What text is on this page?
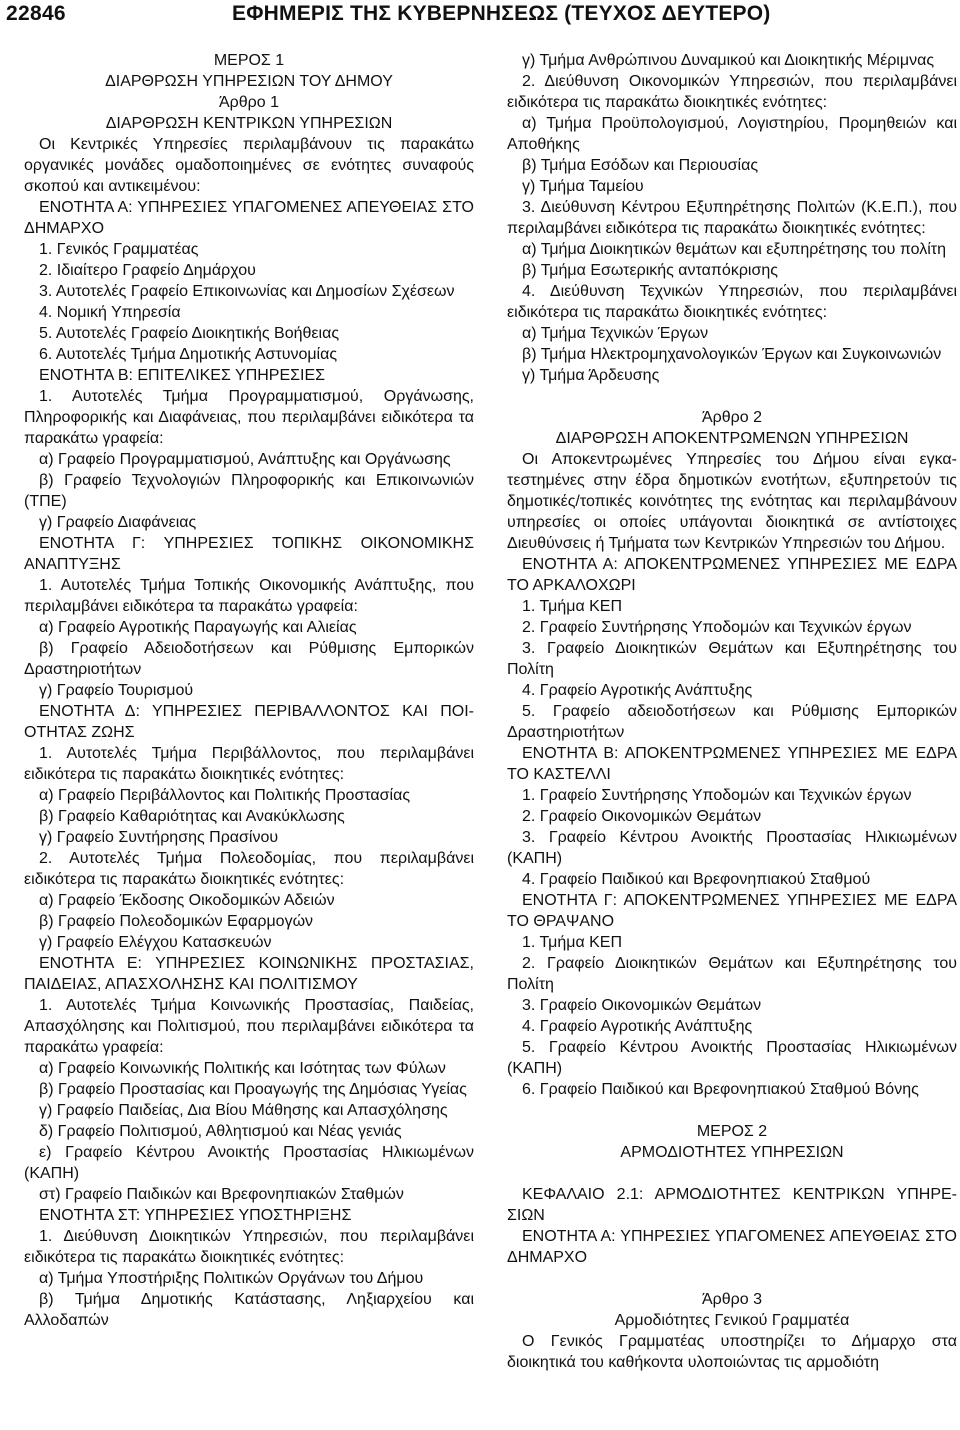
22846	ΕΦΗΜΕΡΙΣ ΤΗΣ ΚΥΒΕΡΝΗΣΕΩΣ (ΤΕΥΧΟΣ ΔΕΥΤΕΡΟ)
ΜΕΡΟΣ 1
ΔΙΑΡΘΡΩΣΗ ΥΠΗΡΕΣΙΩΝ ΤΟΥ ΔΗΜΟΥ
Άρθρο 1
ΔΙΑΡΘΡΩΣΗ ΚΕΝΤΡΙΚΩΝ ΥΠΗΡΕΣΙΩΝ
Οι Κεντρικές Υπηρεσίες περιλαμβάνουν τις παρακάτω οργανικές μονάδες ομαδοποιημένες σε ενότητες συναφούς σκοπού και αντικειμένου:
ΕΝΟΤΗΤΑ Α: ΥΠΗΡΕΣΙΕΣ ΥΠΑΓΟΜΕΝΕΣ ΑΠΕΥΘΕΙΑΣ ΣΤΟ ΔΗΜΑΡΧΟ
1. Γενικός Γραμματέας
2. Ιδιαίτερο Γραφείο Δημάρχου
3. Αυτοτελές Γραφείο Επικοινωνίας και Δημοσίων Σχέσεων
4. Νομική Υπηρεσία
5. Αυτοτελές Γραφείο Διοικητικής Βοήθειας
6. Αυτοτελές Τμήμα Δημοτικής Αστυνομίας
ΕΝΟΤΗΤΑ Β: ΕΠΙΤΕΛΙΚΕΣ ΥΠΗΡΕΣΙΕΣ
1. Αυτοτελές Τμήμα Προγραμματισμού, Οργάνωσης, Πληροφορικής και Διαφάνειας, που περιλαμβάνει ειδικότερα τα παρακάτω γραφεία:
α) Γραφείο Προγραμματισμού, Ανάπτυξης και Οργάνωσης
β) Γραφείο Τεχνολογιών Πληροφορικής και Επικοινωνιών (ΤΠΕ)
γ) Γραφείο Διαφάνειας
ΕΝΟΤΗΤΑ Γ: ΥΠΗΡΕΣΙΕΣ ΤΟΠΙΚΗΣ ΟΙΚΟΝΟΜΙΚΗΣ ΑΝΑΠΤΥΞΗΣ
1. Αυτοτελές Τμήμα Τοπικής Οικονομικής Ανάπτυξης, που περιλαμβάνει ειδικότερα τα παρακάτω γραφεία:
α) Γραφείο Αγροτικής Παραγωγής και Αλιείας
β) Γραφείο Αδειοδοτήσεων και Ρύθμισης Εμπορικών Δραστηριοτήτων
γ) Γραφείο Τουρισμού
ΕΝΟΤΗΤΑ Δ: ΥΠΗΡΕΣΙΕΣ ΠΕΡΙΒΑΛΛΟΝΤΟΣ ΚΑΙ ΠΟΙΟΤΗΤΑΣ ΖΩΗΣ
1. Αυτοτελές Τμήμα Περιβάλλοντος, που περιλαμβάνει ειδικότερα τις παρακάτω διοικητικές ενότητες:
α) Γραφείο Περιβάλλοντος και Πολιτικής Προστασίας
β) Γραφείο Καθαριότητας και Ανακύκλωσης
γ) Γραφείο Συντήρησης Πρασίνου
2. Αυτοτελές Τμήμα Πολεοδομίας, που περιλαμβάνει ειδικότερα τις παρακάτω διοικητικές ενότητες:
α) Γραφείο Έκδοσης Οικοδομικών Αδειών
β) Γραφείο Πολεοδομικών Εφαρμογών
γ) Γραφείο Ελέγχου Κατασκευών
ΕΝΟΤΗΤΑ Ε: ΥΠΗΡΕΣΙΕΣ ΚΟΙΝΩΝΙΚΗΣ ΠΡΟΣΤΑΣΙΑΣ, ΠΑΙΔΕΙΑΣ, ΑΠΑΣΧΟΛΗΣΗΣ ΚΑΙ ΠΟΛΙΤΙΣΜΟΥ
1. Αυτοτελές Τμήμα Κοινωνικής Προστασίας, Παιδείας, Απασχόλησης και Πολιτισμού, που περιλαμβάνει ειδικότερα τα παρακάτω γραφεία:
α) Γραφείο Κοινωνικής Πολιτικής και Ισότητας των Φύλων
β) Γραφείο Προστασίας και Προαγωγής της Δημόσιας Υγείας
γ) Γραφείο Παιδείας, Δια Βίου Μάθησης και Απασχόλησης
δ) Γραφείο Πολιτισμού, Αθλητισμού και Νέας γενιάς
ε) Γραφείο Κέντρου Ανοικτής Προστασίας Ηλικιωμένων (ΚΑΠΗ)
στ) Γραφείο Παιδικών και Βρεφονηπιακών Σταθμών
ΕΝΟΤΗΤΑ ΣΤ: ΥΠΗΡΕΣΙΕΣ ΥΠΟΣΤΗΡΙΞΗΣ
1. Διεύθυνση Διοικητικών Υπηρεσιών, που περιλαμβάνει ειδικότερα τις παρακάτω διοικητικές ενότητες:
α) Τμήμα Υποστήριξης Πολιτικών Οργάνων του Δήμου
β) Τμήμα Δημοτικής Κατάστασης, Ληξιαρχείου και Αλλοδαπών
γ) Τμήμα Ανθρώπινου Δυναμικού και Διοικητικής Μέριμνας
2. Διεύθυνση Οικονομικών Υπηρεσιών, που περιλαμβάνει ειδικότερα τις παρακάτω διοικητικές ενότητες:
α) Τμήμα Προϋπολογισμού, Λογιστηρίου, Προμηθειών και Αποθήκης
β) Τμήμα Εσόδων και Περιουσίας
γ) Τμήμα Ταμείου
3. Διεύθυνση Κέντρου Εξυπηρέτησης Πολιτών (Κ.Ε.Π.), που περιλαμβάνει ειδικότερα τις παρακάτω διοικητικές ενότητες:
α) Τμήμα Διοικητικών θεμάτων και εξυπηρέτησης του πολίτη
β) Τμήμα Εσωτερικής ανταπόκρισης
4. Διεύθυνση Τεχνικών Υπηρεσιών, που περιλαμβάνει ειδικότερα τις παρακάτω διοικητικές ενότητες:
α) Τμήμα Τεχνικών Έργων
β) Τμήμα Ηλεκτρομηχανολογικών Έργων και Συγκοινωνιών
γ) Τμήμα Άρδευσης
Άρθρο 2
ΔΙΑΡΘΡΩΣΗ ΑΠΟΚΕΝΤΡΩΜΕΝΩΝ ΥΠΗΡΕΣΙΩΝ
Οι Αποκεντρωμένες Υπηρεσίες του Δήμου είναι εγκατεστημένες στην έδρα δημοτικών ενοτήτων, εξυπηρετούν τις δημοτικές/τοπικές κοινότητες της ενότητας και περιλαμβάνουν υπηρεσίες οι οποίες υπάγονται διοικητικά σε αντίστοιχες Διευθύνσεις ή Τμήματα των Κεντρικών Υπηρεσιών του Δήμου.
ΕΝΟΤΗΤΑ Α: ΑΠΟΚΕΝΤΡΩΜΕΝΕΣ ΥΠΗΡΕΣΙΕΣ ΜΕ ΕΔΡΑ ΤΟ ΑΡΚΑΛΟΧΩΡΙ
1. Τμήμα ΚΕΠ
2. Γραφείο Συντήρησης Υποδομών και Τεχνικών έργων
3. Γραφείο Διοικητικών Θεμάτων και Εξυπηρέτησης του Πολίτη
4. Γραφείο Αγροτικής Ανάπτυξης
5. Γραφείο αδειοδοτήσεων και Ρύθμισης Εμπορικών Δραστηριοτήτων
ΕΝΟΤΗΤΑ Β: ΑΠΟΚΕΝΤΡΩΜΕΝΕΣ ΥΠΗΡΕΣΙΕΣ ΜΕ ΕΔΡΑ ΤΟ ΚΑΣΤΕΛΛΙ
1. Γραφείο Συντήρησης Υποδομών και Τεχνικών έργων
2. Γραφείο Οικονομικών Θεμάτων
3. Γραφείο Κέντρου Ανοικτής Προστασίας Ηλικιωμένων (ΚΑΠΗ)
4. Γραφείο Παιδικού και Βρεφονηπιακού Σταθμού
ΕΝΟΤΗΤΑ Γ: ΑΠΟΚΕΝΤΡΩΜΕΝΕΣ ΥΠΗΡΕΣΙΕΣ ΜΕ ΕΔΡΑ ΤΟ ΘΡΑΨΑΝΟ
1. Τμήμα ΚΕΠ
2. Γραφείο Διοικητικών Θεμάτων και Εξυπηρέτησης του Πολίτη
3. Γραφείο Οικονομικών Θεμάτων
4. Γραφείο Αγροτικής Ανάπτυξης
5. Γραφείο Κέντρου Ανοικτής Προστασίας Ηλικιωμένων (ΚΑΠΗ)
6. Γραφείο Παιδικού και Βρεφονηπιακού Σταθμού Βόνης
ΜΕΡΟΣ 2
ΑΡΜΟΔΙΟΤΗΤΕΣ ΥΠΗΡΕΣΙΩΝ
ΚΕΦΑΛΑΙΟ 2.1: ΑΡΜΟΔΙΟΤΗΤΕΣ ΚΕΝΤΡΙΚΩΝ ΥΠΗΡΕΣΙΩΝ
ΕΝΟΤΗΤΑ Α: ΥΠΗΡΕΣΙΕΣ ΥΠΑΓΟΜΕΝΕΣ ΑΠΕΥΘΕΙΑΣ ΣΤΟ ΔΗΜΑΡΧΟ
Άρθρο 3
Αρμοδιότητες Γενικού Γραμματέα
Ο Γενικός Γραμματέας υποστηρίζει το Δήμαρχο στα διοικητικά του καθήκοντα υλοποιώντας τις αρμοδιότη
